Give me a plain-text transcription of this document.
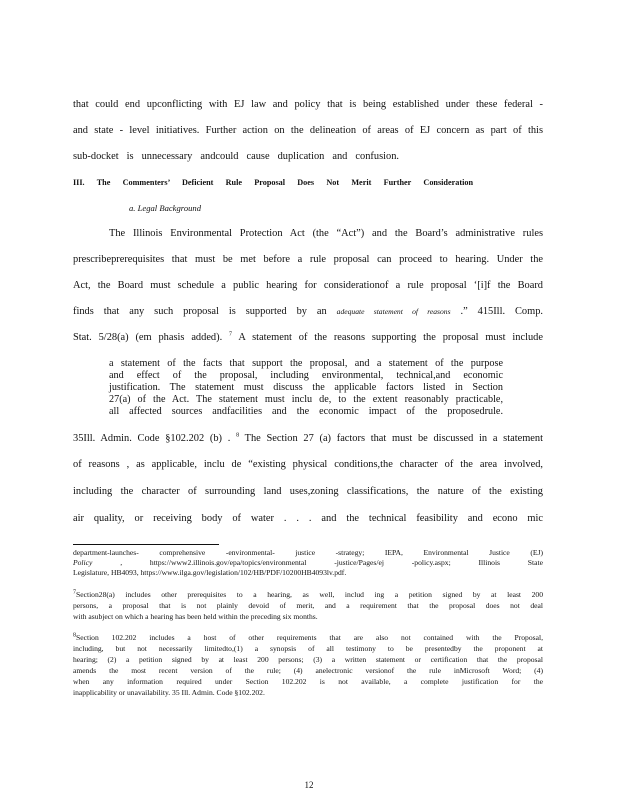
that could end upconflicting with EJ law and policy that is being established under these federal -
and state - level initiatives. Further action on the delineation of areas of EJ concern as part of this
sub-docket is unnecessary andcould cause duplication and confusion.
III. The Commenters’ Deficient Rule Proposal Does Not Merit Further Consideration
a. Legal Background
The Illinois Environmental Protection Act (the “Act”) and the Board’s administrative rules
prescribeprerequisites that must be met before a rule proposal can proceed to hearing. Under the
Act, the Board must schedule a public hearing for considerationof a rule proposal ‘[i]f the Board
finds that any such proposal is supported by an adequate statement of reasons .” 415Ill. Comp.
Stat. 5/28(a) (em phasis added). $^7$ A statement of the reasons supporting the proposal must include
a statement of the facts that support the proposal, and a statement of the purpose
and effect of the proposal, including environmental, technical,and economic
justification. The statement must discuss the applicable factors listed in Section
27(a) of the Act. The statement must inclu de, to the extent reasonably practicable,
all affected sources andfacilities and the economic impact of the proposedrule.
35Ill. Admin. Code §102.202 (b) . $^8$ The Section 27 (a) factors that must be discussed in a statement
of reasons , as applicable, inclu de “existing physical conditions,the character of the area involved,
including the character of surrounding land uses,zoning classifications, the nature of the existing
air quality, or receiving body of water . . . and the technical feasibility and econo mic
department-launches- comprehensive -environmental- justice -strategy; IEPA, Environmental Justice (EJ)
Policy	, https://www2.illinois.gov/epa/topics/environmental -justice/Pages/ej -policy.aspx; Illinois State
Legislature, HB4093, https://www.ilga.gov/legislation/102/HB/PDF/10200HB4093lv.pdf.
$^7$Section28(a) includes other prerequisites to a hearing, as well, includ ing a petition signed by at least 200
persons, a proposal that is not plainly devoid of merit, and a requirement that the proposal does not deal
with asubject on which a hearing has been held within the preceding six months.
$^8$Section 102.202 includes a host of other requirements that are also not contained with the Proposal,
including, but not necessarily limitedto,(1) a synopsis of all testimony to be presentedby the proponent at
hearing; (2) a petition signed by at least 200 persons; (3) a written statement or certification that the proposal
amends the most recent version of the rule; (4) anelectronic versionof the rule inMicrosoft Word; (4)
when any information required under Section 102.202 is not available, a complete justification for the
inapplicability or unavailability. 35 Ill. Admin. Code §102.202.
12
